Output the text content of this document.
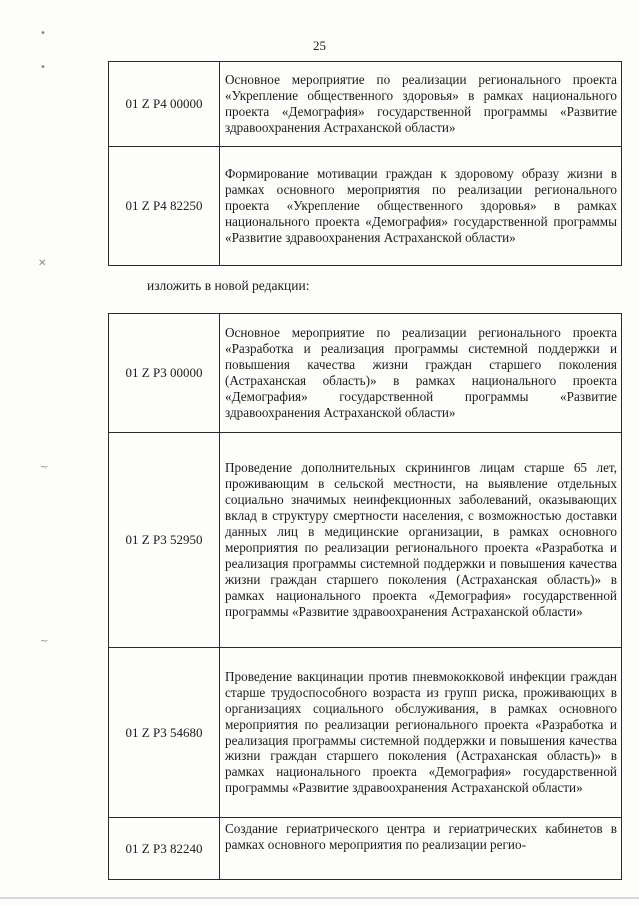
25
•
•
✕
~
~
01 Z P4 00000	Основное мероприятие по реализации регионального проекта «Укрепление общественного здоровья» в рамках национального проекта «Демография» государственной программы «Развитие здравоохранения Астраханской области»
01 Z P4 82250	Формирование мотивации граждан к здоровому образу жизни в рамках основного мероприятия по реализации регионального проекта «Укрепление общественного здоровья» в рамках национального проекта «Демография» государственной программы «Развитие здравоохранения Астраханской области»
изложить в новой редакции:
01 Z P3 00000	Основное мероприятие по реализации регионального проекта «Разработка и реализация программы системной поддержки и повышения качества жизни граждан старшего поколения (Астраханская область)» в рамках национального проекта «Демография» государственной программы «Развитие здравоохранения Астраханской области»
01 Z P3 52950	Проведение дополнительных скринингов лицам старше 65 лет, проживающим в сельской местности, на выявление отдельных социально значимых неинфекционных заболеваний, оказывающих вклад в структуру смертности населения, с возможностью доставки данных лиц в медицинские организации, в рамках основного мероприятия по реализации регионального проекта «Разработка и реализация программы системной поддержки и повышения качества жизни граждан старшего поколения (Астраханская область)» в рамках национального проекта «Демография» государственной программы «Развитие здравоохранения Астраханской области»
01 Z P3 54680	Проведение вакцинации против пневмококковой инфекции граждан старше трудоспособного возраста из групп риска, проживающих в организациях социального обслуживания, в рамках основного мероприятия по реализации регионального проекта «Разработка и реализация программы системной поддержки и повышения качества жизни граждан старшего поколения (Астраханская область)» в рамках национального проекта «Демография» государственной программы «Развитие здравоохранения Астраханской области»
01 Z P3 82240	Создание гериатрического центра и гериатрических кабинетов в рамках основного мероприятия по реализации регио-
